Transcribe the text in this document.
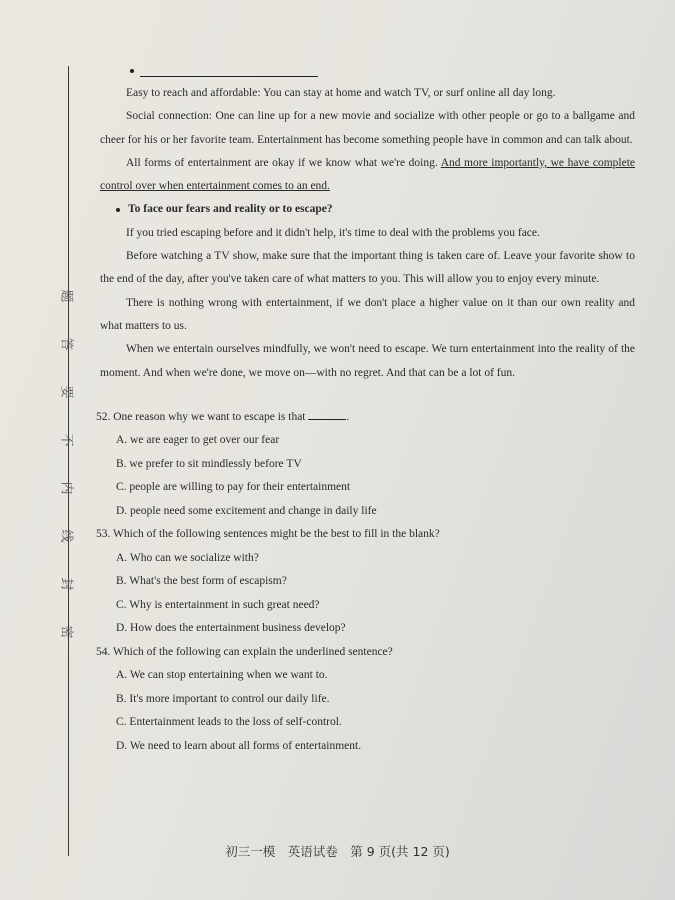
题
答
要
不
内
线
封
密

Easy to reach and affordable: You can stay at home and watch TV, or surf online all day long.

Social connection: One can line up for a new movie and socialize with other people or go to a ballgame and cheer for his or her favorite team. Entertainment has become something people have in common and can talk about.

All forms of entertainment are okay if we know what we're doing. And more importantly, we have complete control over when entertainment comes to an end.

To face our fears and reality or to escape?

If you tried escaping before and it didn't help, it's time to deal with the problems you face.

Before watching a TV show, make sure that the important thing is taken care of. Leave your favorite show to the end of the day, after you've taken care of what matters to you. This will allow you to enjoy every minute.

There is nothing wrong with entertainment, if we don't place a higher value on it than our own reality and what matters to us.

When we entertain ourselves mindfully, we won't need to escape. We turn entertainment into the reality of the moment. And when we're done, we move on—with no regret. And that can be a lot of fun.

52. One reason why we want to escape is that	.
A. we are eager to get over our fear
B. we prefer to sit mindlessly before TV
C. people are willing to pay for their entertainment
D. people need some excitement and change in daily life
53. Which of the following sentences might be the best to fill in the blank?
A. Who can we socialize with?
B. What's the best form of escapism?
C. Why is entertainment in such great need?
D. How does the entertainment business develop?
54. Which of the following can explain the underlined sentence?
A. We can stop entertaining when we want to.
B. It's more important to control our daily life.
C. Entertainment leads to the loss of self-control.
D. We need to learn about all forms of entertainment.
初三一模　英语试卷　第 9 页(共 12 页)
